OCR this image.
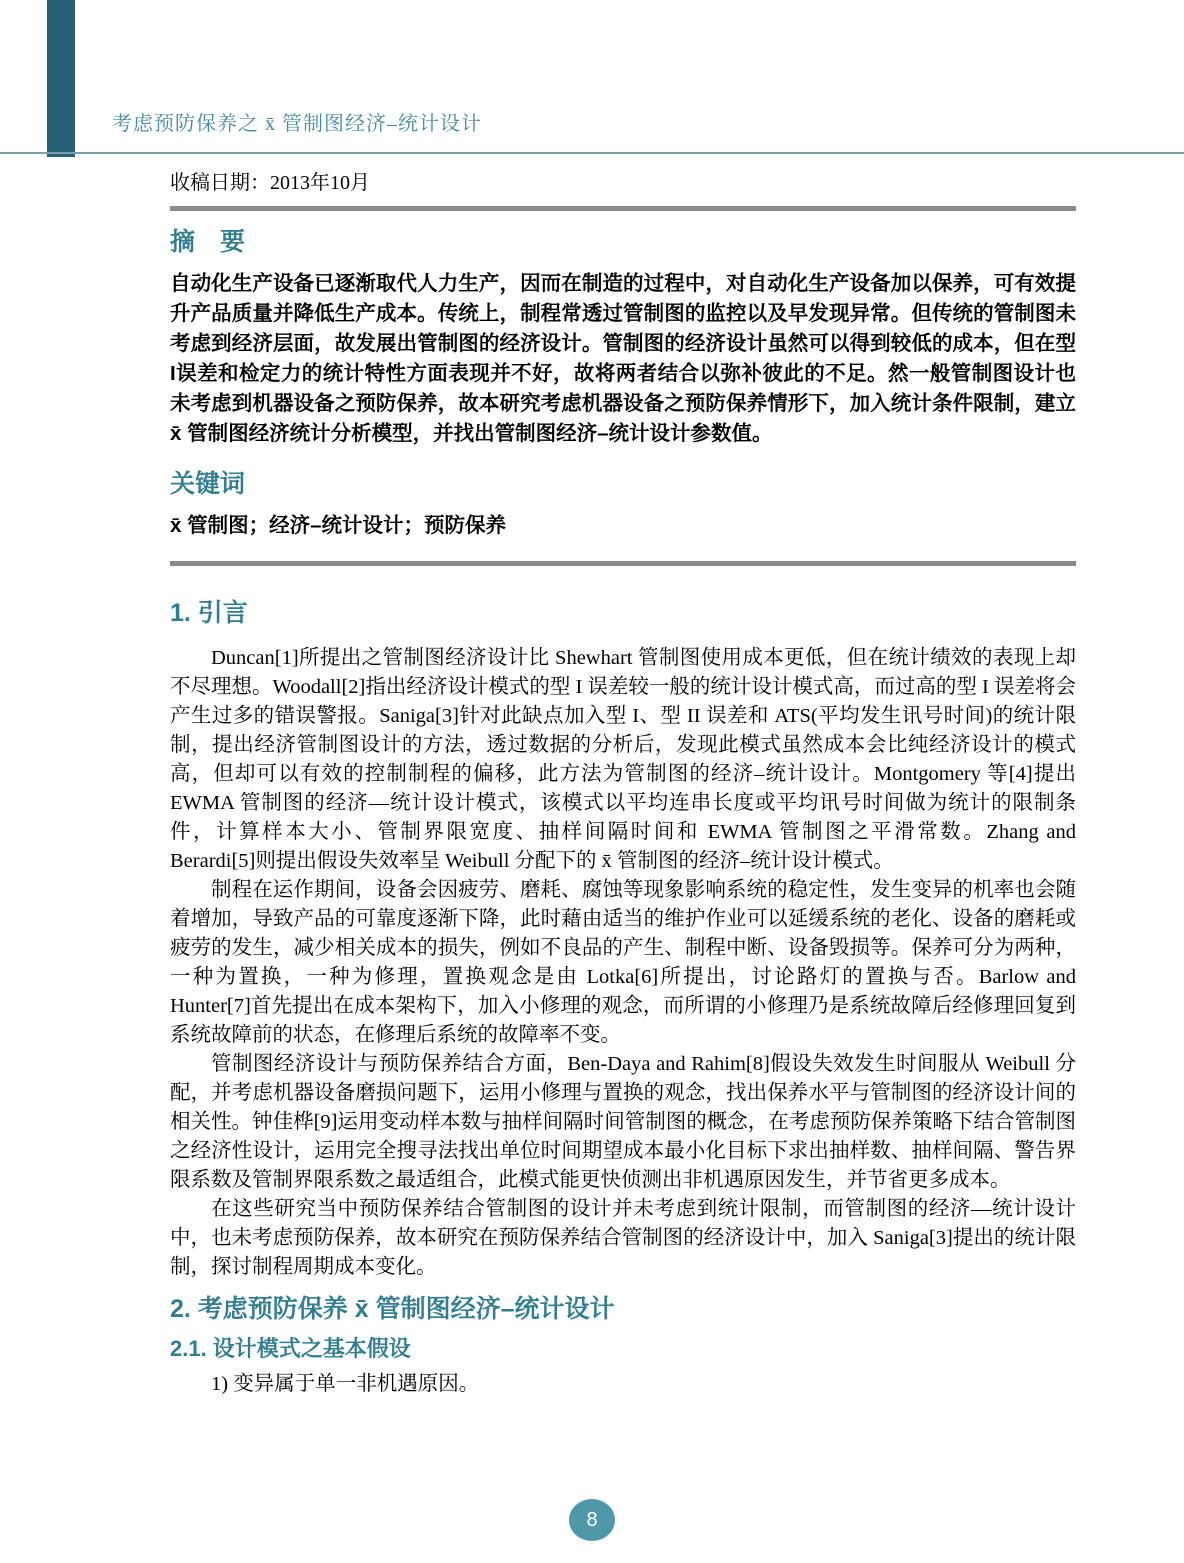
考虑预防保养之 x̄ 管制图经济–统计设计

收稿日期：2013年10月

摘　要

自动化生产设备已逐渐取代人力生产，因而在制造的过程中，对自动化生产设备加以保养，可有效提升产品质量并降低生产成本。传统上，制程常透过管制图的监控以及早发现异常。但传统的管制图未考虑到经济层面，故发展出管制图的经济设计。管制图的经济设计虽然可以得到较低的成本，但在型I误差和检定力的统计特性方面表现并不好，故将两者结合以弥补彼此的不足。然一般管制图设计也未考虑到机器设备之预防保养，故本研究考虑机器设备之预防保养情形下，加入统计条件限制，建立 x̄ 管制图经济统计分析模型，并找出管制图经济–统计设计参数值。

关键词

x̄ 管制图；经济–统计设计；预防保养

1. 引言

Duncan[1]所提出之管制图经济设计比 Shewhart 管制图使用成本更低，但在统计绩效的表现上却不尽理想。Woodall[2]指出经济设计模式的型 I 误差较一般的统计设计模式高，而过高的型 I 误差将会产生过多的错误警报。Saniga[3]针对此缺点加入型 I、型 II 误差和 ATS(平均发生讯号时间)的统计限制，提出经济管制图设计的方法，透过数据的分析后，发现此模式虽然成本会比纯经济设计的模式高，但却可以有效的控制制程的偏移，此方法为管制图的经济–统计设计。Montgomery 等[4]提出 EWMA 管制图的经济—统计设计模式，该模式以平均连串长度或平均讯号时间做为统计的限制条件，计算样本大小、管制界限宽度、抽样间隔时间和 EWMA 管制图之平滑常数。Zhang and Berardi[5]则提出假设失效率呈 Weibull 分配下的 x̄ 管制图的经济–统计设计模式。

制程在运作期间，设备会因疲劳、磨耗、腐蚀等现象影响系统的稳定性，发生变异的机率也会随着增加，导致产品的可靠度逐渐下降，此时藉由适当的维护作业可以延缓系统的老化、设备的磨耗或疲劳的发生，减少相关成本的损失，例如不良品的产生、制程中断、设备毁损等。保养可分为两种，一种为置换，一种为修理，置换观念是由 Lotka[6]所提出，讨论路灯的置换与否。Barlow and Hunter[7]首先提出在成本架构下，加入小修理的观念，而所谓的小修理乃是系统故障后经修理回复到系统故障前的状态，在修理后系统的故障率不变。

管制图经济设计与预防保养结合方面，Ben-Daya and Rahim[8]假设失效发生时间服从 Weibull 分配，并考虑机器设备磨损问题下，运用小修理与置换的观念，找出保养水平与管制图的经济设计间的相关性。钟佳桦[9]运用变动样本数与抽样间隔时间管制图的概念，在考虑预防保养策略下结合管制图之经济性设计，运用完全搜寻法找出单位时间期望成本最小化目标下求出抽样数、抽样间隔、警告界限系数及管制界限系数之最适组合，此模式能更快侦测出非机遇原因发生，并节省更多成本。

在这些研究当中预防保养结合管制图的设计并未考虑到统计限制，而管制图的经济—统计设计中，也未考虑预防保养，故本研究在预防保养结合管制图的经济设计中，加入 Saniga[3]提出的统计限制，探讨制程周期成本变化。

2. 考虑预防保养 x̄ 管制图经济–统计设计
2.1. 设计模式之基本假设

1) 变异属于单一非机遇原因。

8
